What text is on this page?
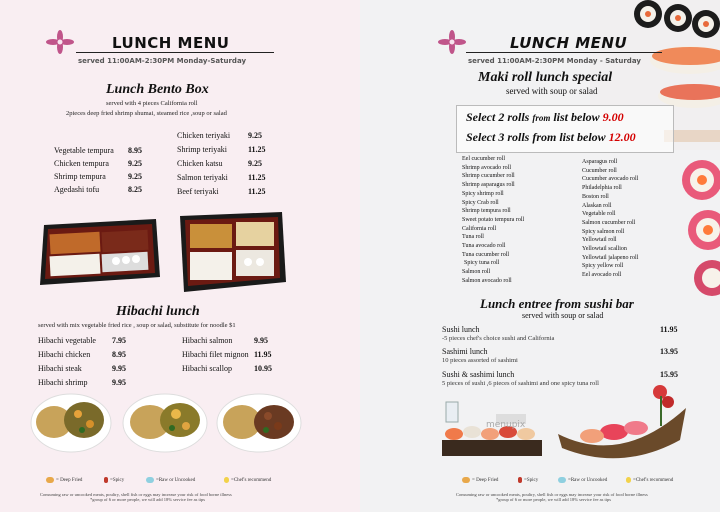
LUNCH MENU
served 11:00AM-2:30PM Monday-Saturday
Lunch Bento Box
served with 4 pieces California roll
2pieces deep fried shrimp shumai, steamed rice ,soup or salad
Vegetable tempura 8.95
Chicken tempura 9.25
Shrimp tempura	9.25
Agedashi tofu	8.25
Chicken teriyaki 9.25
Shrimp teriyaki	11.25
Chicken katsu	9.25
Salmon teriyaki	11.25
Beef teriyaki	11.25
Hibachi lunch
served with mix vegetable fried rice , soup or salad, substitute for noodle $1
Hibachi vegetable 7.95
Hibachi chicken	8.95
Hibachi steak	9.95
Hibachi shrimp	9.95
Hibachi salmon	9.95
Hibachi filet mignon 11.95
Hibachi scallop	10.95
= Deep Fried	=Spicy	=Raw or Uncooked	=Chef's recommend
Consuming raw or uncooked meats, poultry, shell fish or eggs may increase your risk of food borne illness
*group of 6 or more people, we will add 18% service fee as tips
LUNCH MENU
served 11:00AM-2:30PM Monday - Saturday
Maki roll lunch special
served with soup or salad
Select 2 rolls from list below 9.00
Select 3 rolls from list below 12.00
Eel cucumber roll
Shrimp avocado roll
Shrimp cucumber roll
Shrimp asparagus roll
Spicy shrimp roll
Spicy Crab roll
Shrimp tempura roll
Sweet potato tempura roll
California roll
Tuna roll
Tuna avocado roll
Tuna cucumber roll
Spicy tuna roll
Salmon roll
Salmon avocado roll
Asparagus roll
Cucumber roll
Cucumber avocado roll
Philadelphia roll
Boston roll
Alaskan roll
Vegetable roll
Salmon cucumber roll
Spicy salmon roll
Yellowtail roll
Yellowtail scallion
Yellowtail jalapeno roll
Spicy yellow roll
Eel avocado roll
Lunch entree from sushi bar
served with soup or salad
Sushi lunch	11.95
-5 pieces chef's choice sushi and California
Sashimi lunch	13.95
10 pieces assorted of sashimi
Sushi & sashimi lunch	15.95
5 pieces of sushi ,6 pieces of sashimi and one spicy tuna roll
menupix
= Deep Fried	=Spicy	=Raw or Uncooked	=Chef's recommend
Consuming raw or uncooked meats, poultry, shell fish or eggs may increase your risk of food borne illness
*group of 6 or more people, we will add 18% service fee as tips
